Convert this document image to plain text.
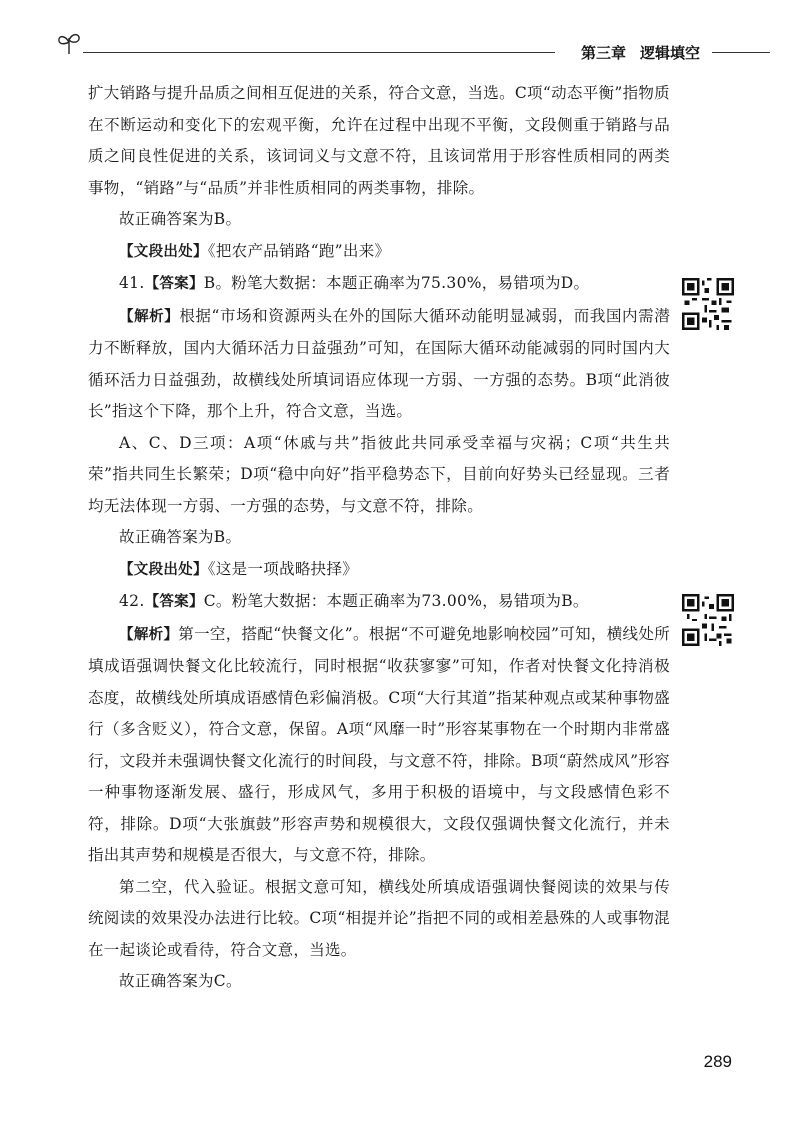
第三章 逻辑填空

扩大销路与提升品质之间相互促进的关系，符合文意，当选。C项“动态平衡”指物质在不断运动和变化下的宏观平衡，允许在过程中出现不平衡，文段侧重于销路与品质之间良性促进的关系，该词词义与文意不符，且该词常用于形容性质相同的两类事物，“销路”与“品质”并非性质相同的两类事物，排除。

故正确答案为B。

【文段出处】《把农产品销路“跑”出来》

41.【答案】B。粉笔大数据：本题正确率为75.30%，易错项为D。

【解析】根据“市场和资源两头在外的国际大循环动能明显减弱，而我国内需潜力不断释放，国内大循环活力日益强劲”可知，在国际大循环动能减弱的同时国内大循环活力日益强劲，故横线处所填词语应体现一方弱、一方强的态势。B项“此消彼长”指这个下降，那个上升，符合文意，当选。

A、C、D三项：A项“休戚与共”指彼此共同承受幸福与灾祸；C项“共生共荣”指共同生长繁荣；D项“稳中向好”指平稳势态下，目前向好势头已经显现。三者均无法体现一方弱、一方强的态势，与文意不符，排除。

故正确答案为B。

【文段出处】《这是一项战略抉择》

42.【答案】C。粉笔大数据：本题正确率为73.00%，易错项为B。

【解析】第一空，搭配“快餐文化”。根据“不可避免地影响校园”可知，横线处所填成语强调快餐文化比较流行，同时根据“收获寥寥”可知，作者对快餐文化持消极态度，故横线处所填成语感情色彩偏消极。C项“大行其道”指某种观点或某种事物盛行（多含贬义），符合文意，保留。A项“风靡一时”形容某事物在一个时期内非常盛行，文段并未强调快餐文化流行的时间段，与文意不符，排除。B项“蔚然成风”形容一种事物逐渐发展、盛行，形成风气，多用于积极的语境中，与文段感情色彩不符，排除。D项“大张旗鼓”形容声势和规模很大，文段仅强调快餐文化流行，并未指出其声势和规模是否很大，与文意不符，排除。

第二空，代入验证。根据文意可知，横线处所填成语强调快餐阅读的效果与传统阅读的效果没办法进行比较。C项“相提并论”指把不同的或相差悬殊的人或事物混在一起谈论或看待，符合文意，当选。

故正确答案为C。

289
